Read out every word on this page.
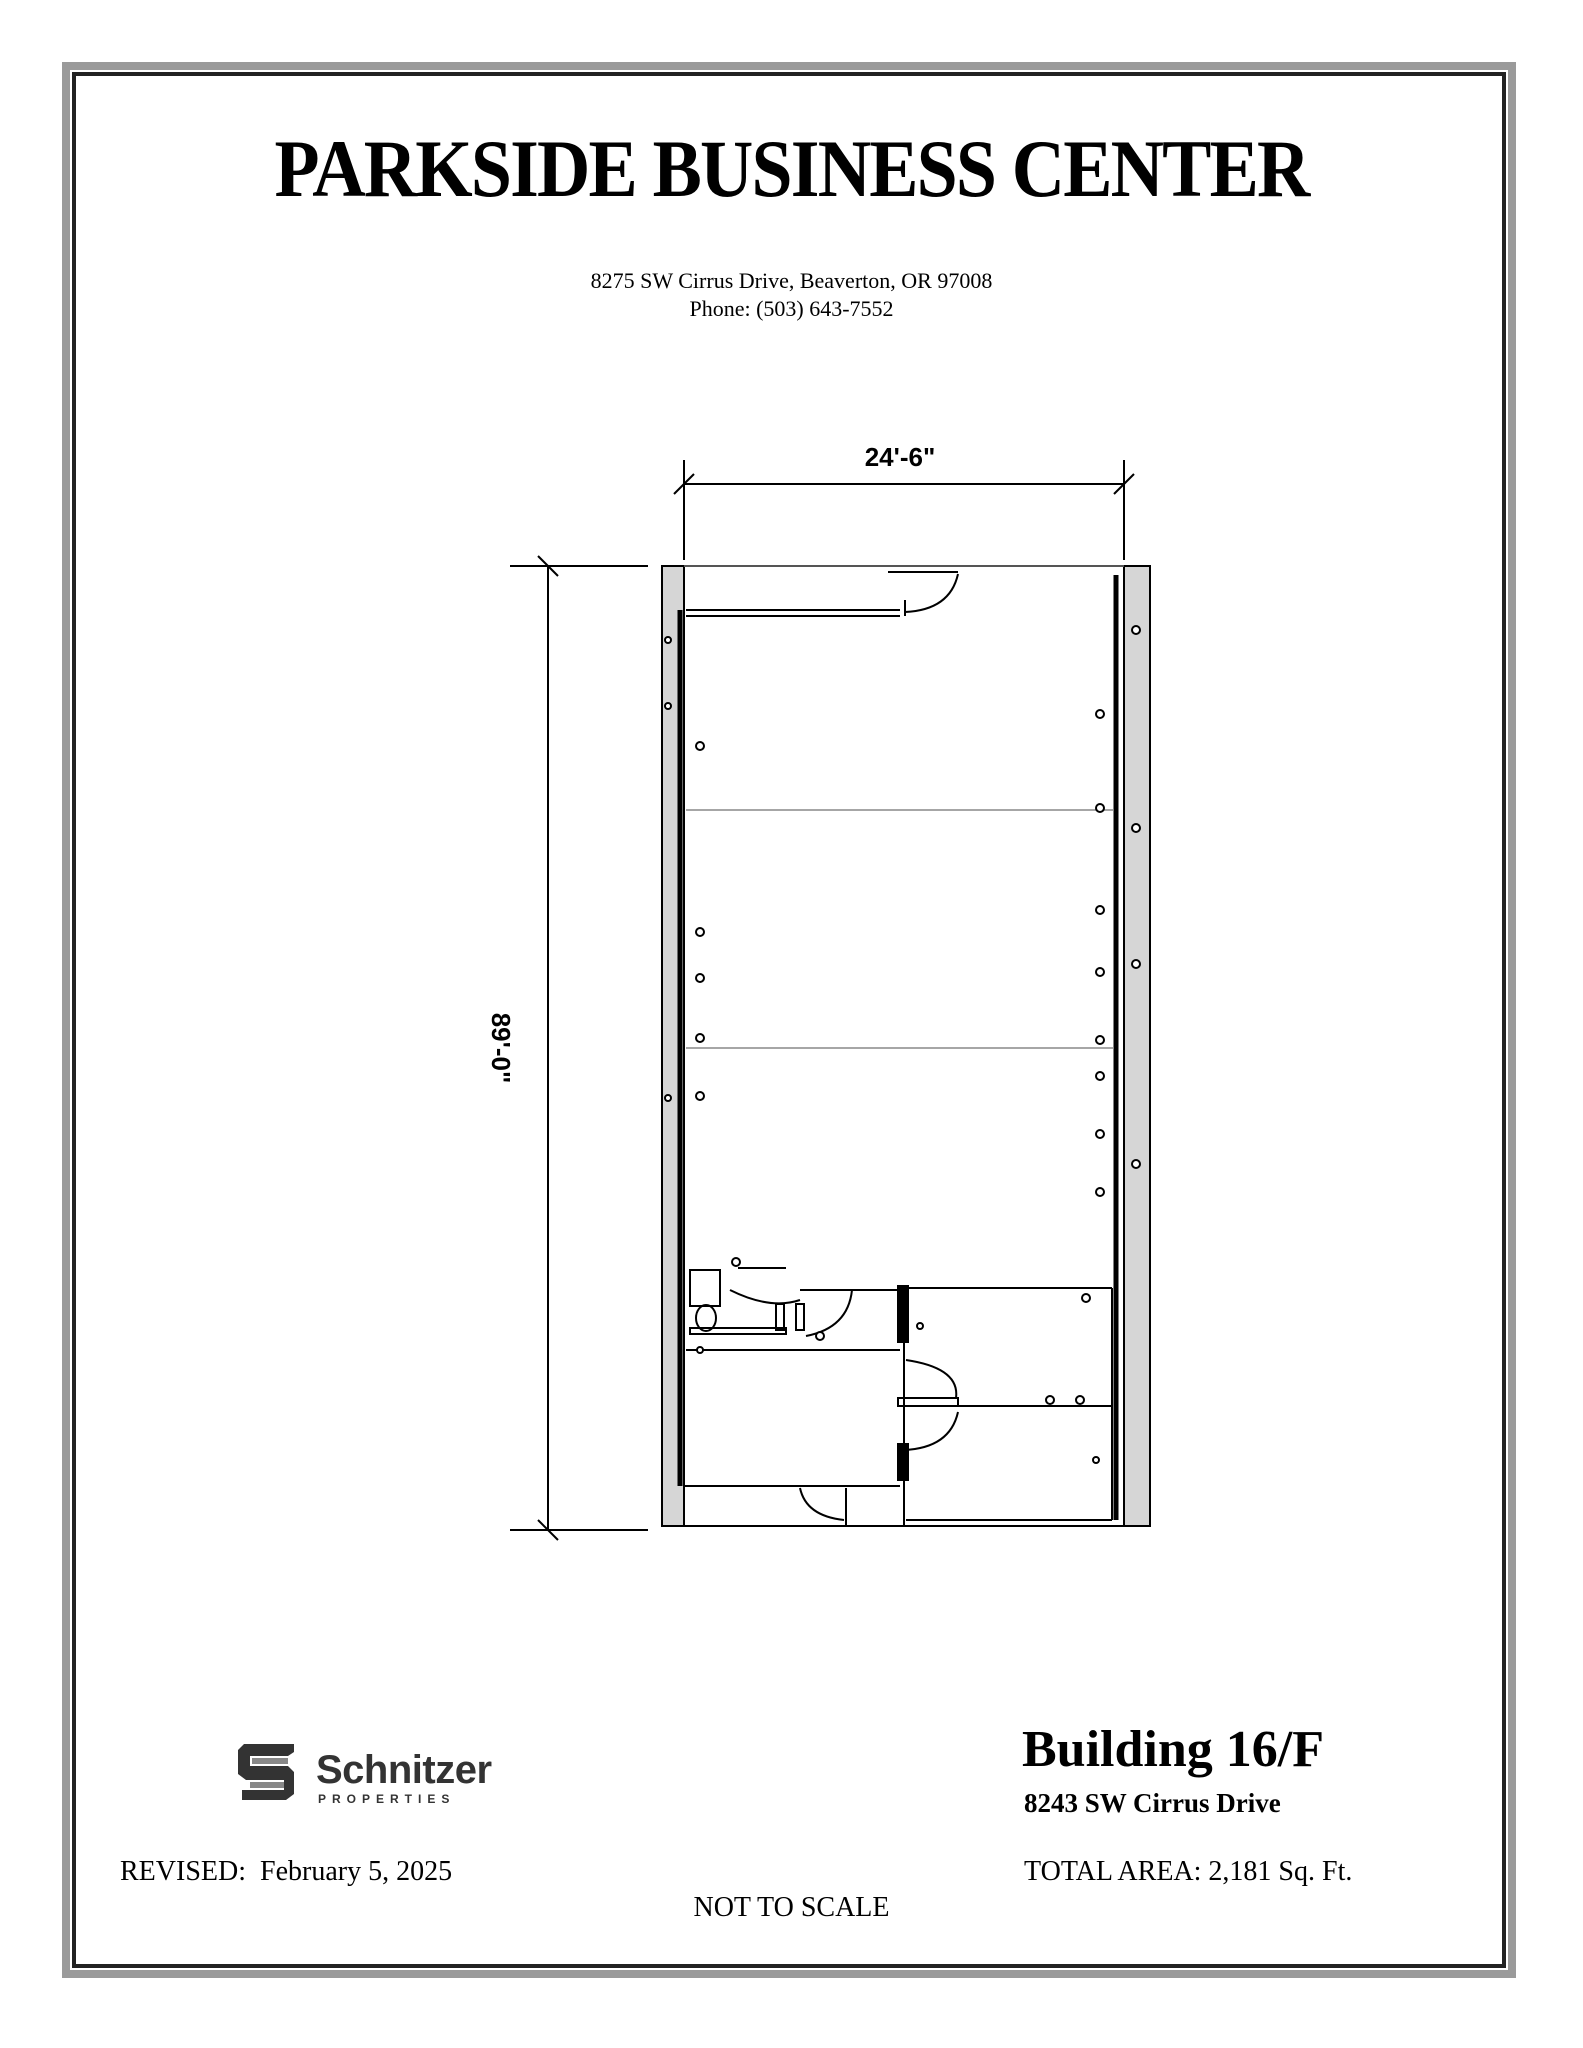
PARKSIDE BUSINESS CENTER
8275 SW Cirrus Drive, Beaverton, OR 97008
Phone: (503) 643-7552
24'-6"
89'-0"
Schnitzer
PROPERTIES
Building 16/F
8243 SW Cirrus Drive
REVISED:  February 5, 2025	TOTAL AREA: 2,181 Sq. Ft.
NOT TO SCALE
